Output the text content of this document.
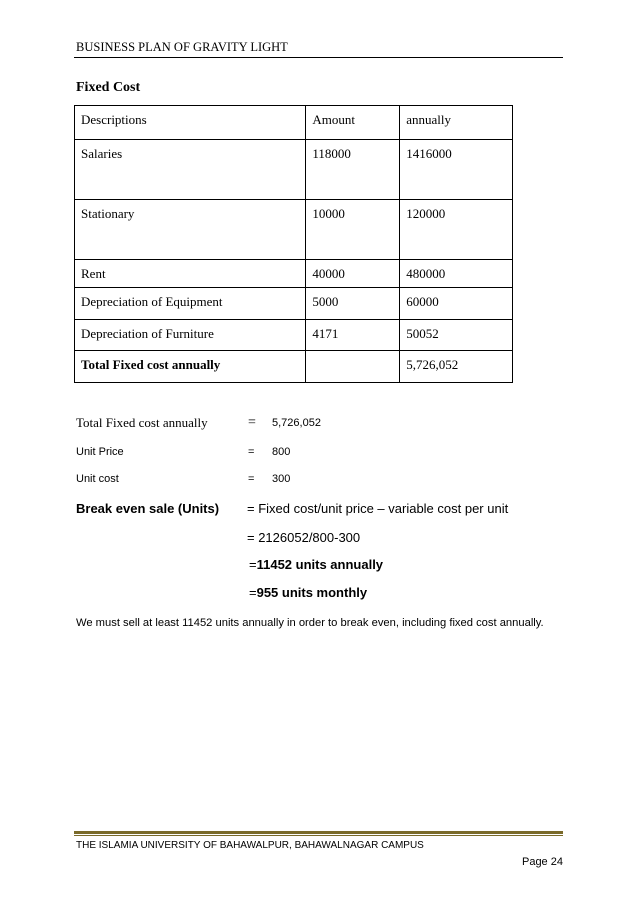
BUSINESS PLAN OF GRAVITY LIGHT
Fixed Cost
Descriptions	Amount	annually
Salaries	118000	1416000
Stationary	10000	120000
Rent	40000	480000
Depreciation of Equipment	5000	60000
Depreciation of Furniture	4171	50052
Total Fixed cost annually		5,726,052
Total Fixed cost annually	= 5,726,052
Unit Price	= 800
Unit cost	= 300
Break even sale (Units) = Fixed cost/unit price – variable cost per unit
= 2126052/800-300
=11452 units annually
=955 units monthly
We must sell at least 11452 units annually in order to break even, including fixed cost annually.
THE ISLAMIA UNIVERSITY OF BAHAWALPUR, BAHAWALNAGAR CAMPUS
Page 24
